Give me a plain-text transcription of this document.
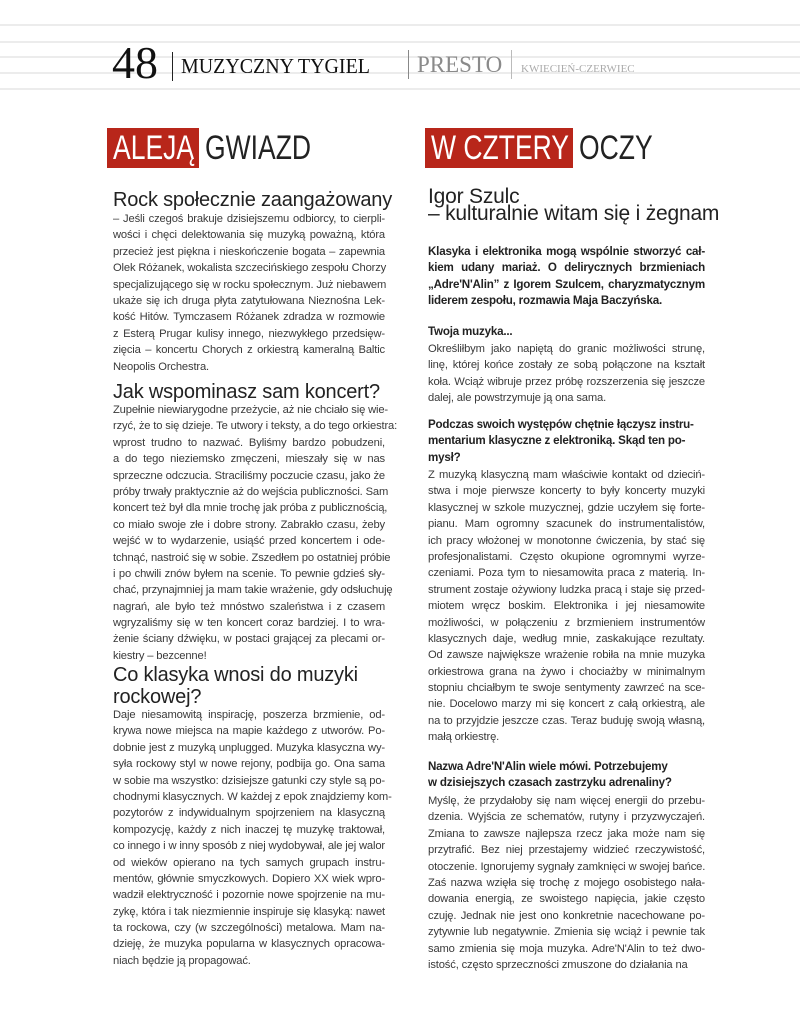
48 MUZYCZNY TYGIEL PRESTO KWIECIEŃ-CZERWIEC
ALEJĄ GWIAZD	W CZTERY OCZY
Rock społecznie zaangażowany
– Jeśli czegoś brakuje dzisiejszemu odbiorcy, to cierpli-
wości i chęci delektowania się muzyką poważną, która
przecież jest piękna i nieskończenie bogata – zapewnia
Olek Różanek, wokalista szczecińskiego zespołu Chorzy
specjalizującego się w rocku społecznym. Już niebawem
ukaże się ich druga płyta zatytułowana Nieznośna Lek-
kość Hitów. Tymczasem Różanek zdradza w rozmowie
z Esterą Prugar kulisy innego, niezwykłego przedsięw-
zięcia – koncertu Chorych z orkiestrą kameralną Baltic
Neopolis Orchestra.
Jak wspominasz sam koncert?
Zupełnie niewiarygodne przeżycie, aż nie chciało się wie-
rzyć, że to się dzieje. Te utwory i teksty, a do tego orkiestra:
wprost trudno to nazwać. Byliśmy bardzo pobudzeni,
a do tego nieziemsko zmęczeni, mieszały się w nas
sprzeczne odczucia. Straciliśmy poczucie czasu, jako że
próby trwały praktycznie aż do wejścia publiczności. Sam
koncert też był dla mnie trochę jak próba z publicznością,
co miało swoje złe i dobre strony. Zabrakło czasu, żeby
wejść w to wydarzenie, usiąść przed koncertem i ode-
tchnąć, nastroić się w sobie. Zszedłem po ostatniej próbie
i po chwili znów byłem na scenie. To pewnie gdzieś sły-
chać, przynajmniej ja mam takie wrażenie, gdy odsłuchuję
nagrań, ale było też mnóstwo szaleństwa i z czasem
wgryzaliśmy się w ten koncert coraz bardziej. I to wra-
żenie ściany dźwięku, w postaci grającej za plecami or-
kiestry – bezcenne!
Co klasyka wnosi do muzyki
rockowej?
Daje niesamowitą inspirację, poszerza brzmienie, od-
krywa nowe miejsca na mapie każdego z utworów. Po-
dobnie jest z muzyką unplugged. Muzyka klasyczna wy-
syła rockowy styl w nowe rejony, podbija go. Ona sama
w sobie ma wszystko: dzisiejsze gatunki czy style są po-
chodnymi klasycznych. W każdej z epok znajdziemy kom-
pozytorów z indywidualnym spojrzeniem na klasyczną
kompozycję, każdy z nich inaczej tę muzykę traktował,
co innego i w inny sposób z niej wydobywał, ale jej walor
od wieków opierano na tych samych grupach instru-
mentów, głównie smyczkowych. Dopiero XX wiek wpro-
wadził elektryczność i pozornie nowe spojrzenie na mu-
zykę, która i tak niezmiennie inspiruje się klasyką: nawet
ta rockowa, czy (w szczególności) metalowa. Mam na-
dzieję, że muzyka popularna w klasycznych opracowa-
niach będzie ją propagować.
Igor Szulc
– kulturalnie witam się i żegnam
Klasyka i elektronika mogą wspólnie stworzyć cał-
kiem udany mariaż. O delirycznych brzmieniach
„Adre'N'Alin” z Igorem Szulcem, charyzmatycznym
liderem zespołu, rozmawia Maja Baczyńska.
Twoja muzyka...
Określiłbym jako napiętą do granic możliwości strunę,
linę, której końce zostały ze sobą połączone na kształt
koła. Wciąż wibruje przez próbę rozszerzenia się jeszcze
dalej, ale powstrzymuje ją ona sama.
Podczas swoich występów chętnie łączysz instru-
mentarium klasyczne z elektroniką. Skąd ten po-
mysł?
Z muzyką klasyczną mam właściwie kontakt od dzieciń-
stwa i moje pierwsze koncerty to były koncerty muzyki
klasycznej w szkole muzycznej, gdzie uczyłem się forte-
pianu. Mam ogromny szacunek do instrumentalistów,
ich pracy włożonej w monotonne ćwiczenia, by stać się
profesjonalistami. Często okupione ogromnymi wyrze-
czeniami. Poza tym to niesamowita praca z materią. In-
strument zostaje ożywiony ludzka pracą i staje się przed-
miotem wręcz boskim. Elektronika i jej niesamowite
możliwości, w połączeniu z brzmieniem instrumentów
klasycznych daje, według mnie, zaskakujące rezultaty.
Od zawsze największe wrażenie robiła na mnie muzyka
orkiestrowa grana na żywo i chociażby w minimalnym
stopniu chciałbym te swoje sentymenty zawrzeć na sce-
nie. Docelowo marzy mi się koncert z całą orkiestrą, ale
na to przyjdzie jeszcze czas. Teraz buduję swoją własną,
małą orkiestrę.
Nazwa Adre'N'Alin wiele mówi. Potrzebujemy
w dzisiejszych czasach zastrzyku adrenaliny?
Myślę, że przydałoby się nam więcej energii do przebu-
dzenia. Wyjścia ze schematów, rutyny i przyzwyczajeń.
Zmiana to zawsze najlepsza rzecz jaka może nam się
przytrafić. Bez niej przestajemy widzieć rzeczywistość,
otoczenie. Ignorujemy sygnały zamknięci w swojej bańce.
Zaś nazwa wzięła się trochę z mojego osobistego nała-
dowania energią, ze swoistego napięcia, jakie często
czuję. Jednak nie jest ono konkretnie nacechowane po-
zytywnie lub negatywnie. Zmienia się wciąż i pewnie tak
samo zmienia się moja muzyka. Adre'N'Alin to też dwo-
istość, często sprzeczności zmuszone do działania na
